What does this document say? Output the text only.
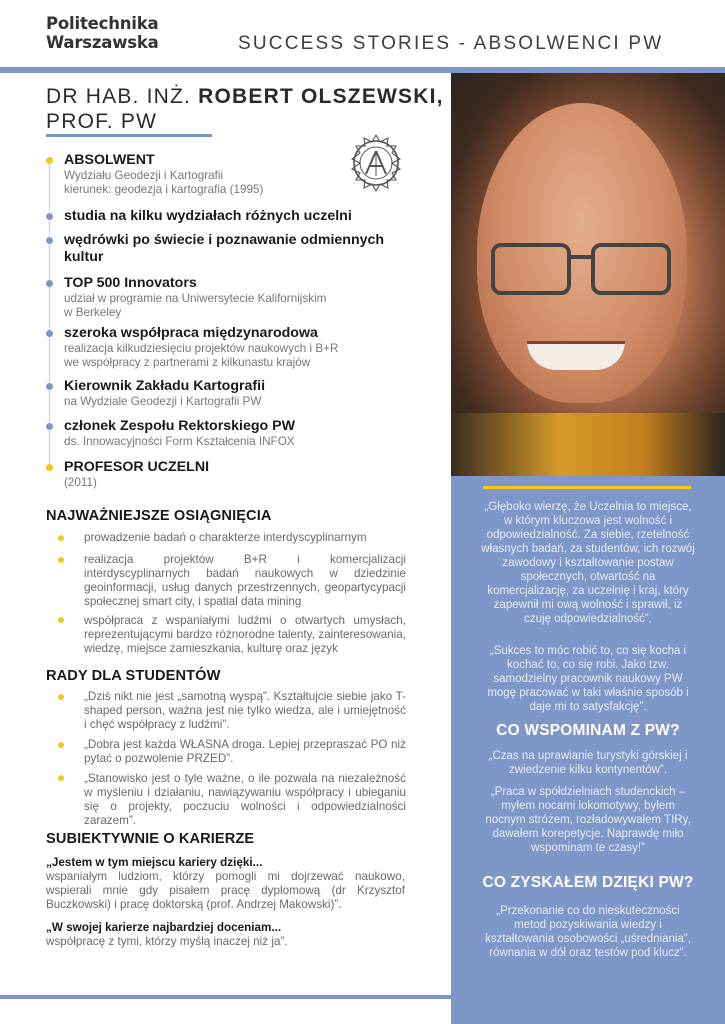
Politechnika
Warszawska	SUCCESS STORIES - ABSOLWENCI PW
DR HAB. INŻ. ROBERT OLSZEWSKI,
PROF. PW
ABSOLWENT
Wydziału Geodezji i Kartografii
kierunek: geodezja i kartografia (1995)
studia na kilku wydziałach różnych uczelni
wędrówki po świecie i poznawanie odmiennych
kultur
TOP 500 Innovators
udział w programie na Uniwersytecie Kalifornijskim
w Berkeley
szeroka współpraca międzynarodowa
realizacja kilkudziesięciu projektów naukowych i B+R
we współpracy z partnerami z kilkunastu krajów
Kierownik Zakładu Kartografii
na Wydziale Geodezji i Kartografii PW
członek Zespołu Rektorskiego PW
ds. Innowacyjności Form Kształcenia INFOX
PROFESOR UCZELNI
(2011)
NAJWAŻNIEJSZE OSIĄGNIĘCIA
prowadzenie badań o charakterze interdyscyplinarnym
realizacja projektów B+R i komercjalizacji interdyscyplinarnych badań naukowych w dziedzinie geoinformacji, usług danych przestrzennych, geopartycypacji społecznej smart city, i spatial data mining
współpraca z wspaniałymi ludźmi o otwartych umysłach, reprezentującymi bardzo różnorodne talenty, zainteresowania, wiedzę, miejsce zamieszkania, kulturę oraz język
RADY DLA STUDENTÓW
„Dziś nikt nie jest „samotną wyspą”. Kształtujcie siebie jako T-shaped person, ważna jest nie tylko wiedza, ale i umiejętność i chęć współpracy z ludźmi”.
„Dobra jest każda WŁASNA droga. Lepiej przepraszać PO niż pytać o pozwolenie PRZED”.
„Stanowisko jest o tyle ważne, o ile pozwala na niezależność w myśleniu i działaniu, nawiązywaniu współpracy i ubieganiu się o projekty, poczuciu wolności i odpowiedzialności zarazem”.
SUBIEKTYWNIE O KARIERZE
„Jestem w tym miejscu kariery dzięki...
wspaniałym ludziom, którzy pomogli mi dojrzewać naukowo, wspierali mnie gdy pisałem pracę dyplomową (dr Krzysztof Buczkowski) i pracę doktorską (prof. Andrzej Makowski)”.
„W swojej karierze najbardziej doceniam...
współpracę z tymi, którzy myślą inaczej niż ja”.
„Głęboko wierzę, że Uczelnia to miejsce, w którym kluczowa jest wolność i odpowiedzialność. Za siebie, rzetelność własnych badań, za studentów, ich rozwój zawodowy i kształtowanie postaw społecznych, otwartość na komercjalizację, za uczelnię i kraj, który zapewnił mi ową wolność i sprawił, iż czuję odpowiedzialność”.
„Sukces to móc robić to, co się kocha i kochać to, co się robi. Jako tzw. samodzielny pracownik naukowy PW mogę pracować w taki właśnie sposób i daje mi to satysfakcję”.
CO WSPOMINAM Z PW?
„Czas na uprawianie turystyki górskiej i zwiedzenie kilku kontynentów”.
„Praca w spółdzielniach studenckich – myłem nocami lokomotywy, byłem nocnym stróżem, rozładowywałem TIRy, dawałem korepetycje. Naprawdę miło wspominam te czasy!”
CO ZYSKAŁEM DZIĘKI PW?
„Przekonanie co do nieskuteczności metod pozyskiwania wiedzy i kształtowania osobowości „uśredniania”, równania w dół oraz testów pod klucz”.
